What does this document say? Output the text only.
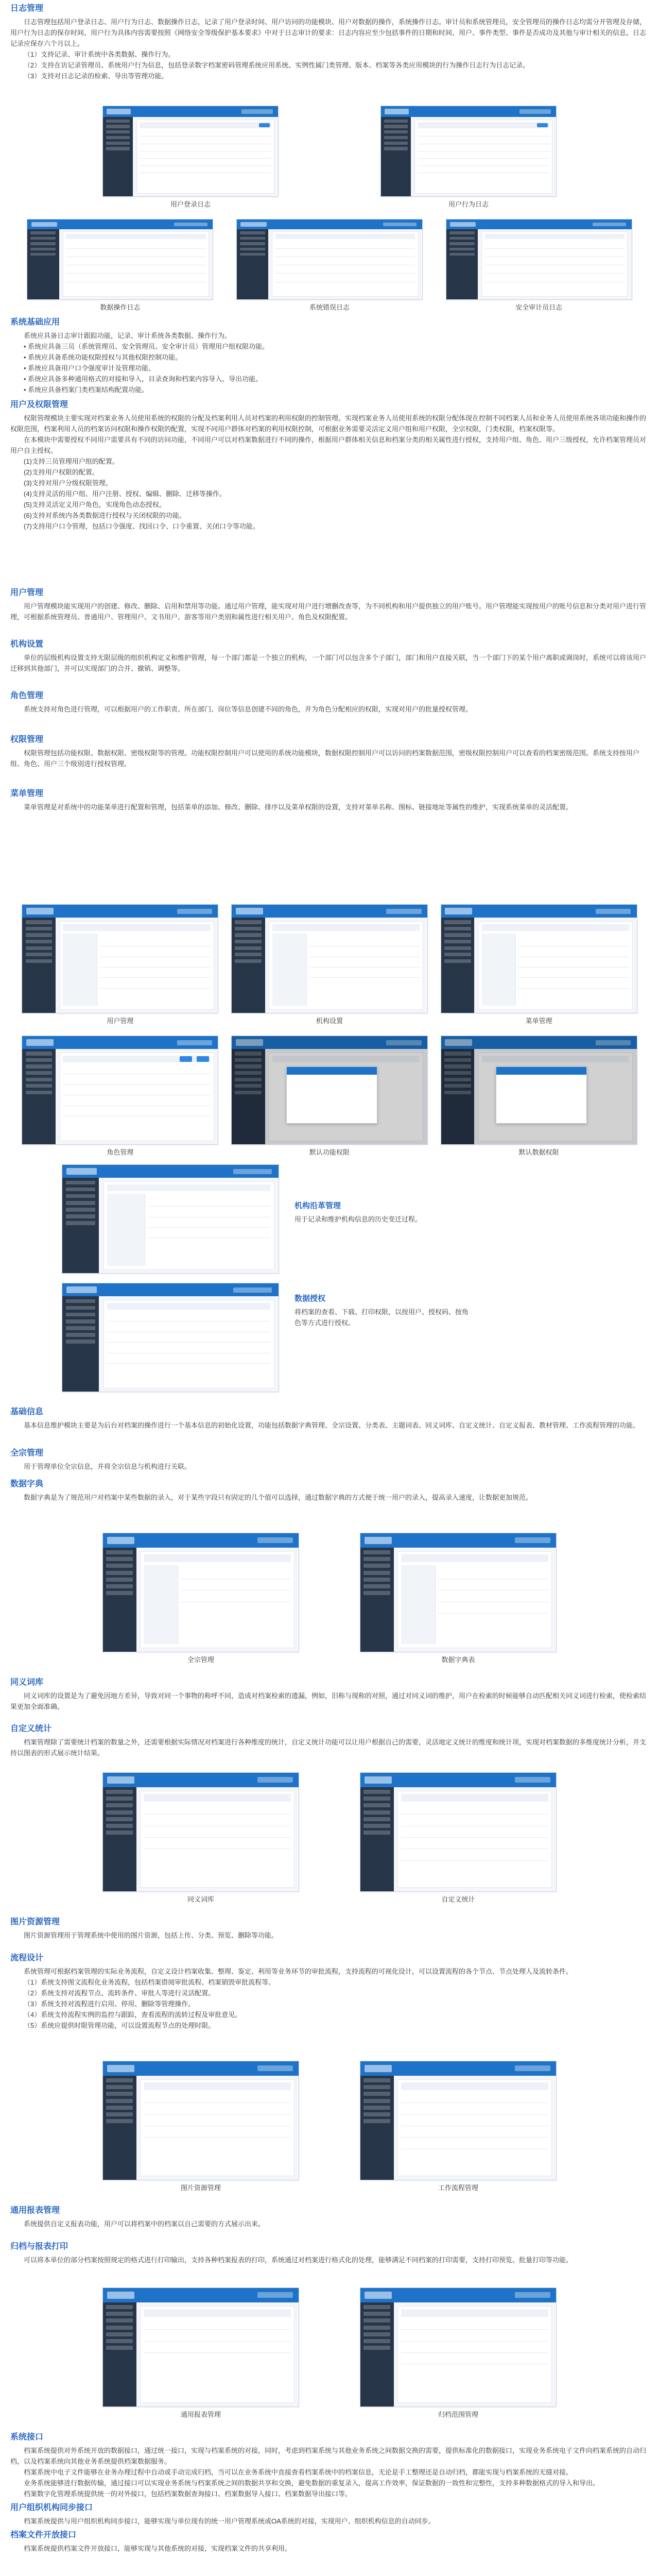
日志管理

日志管理包括用户登录日志、用户行为日志、数据操作日志，记录了用户登录时间、用户访问的功能模块、用户对数据的操作，系统操作日志。审计员和系统管理员，安全管理员的操作日志均需分开管理及存储，用户行为日志的保存时间、用户行为具体内容需要按照《网络安全等级保护基本要求》中对于日志审计的要求：日志内容应至少包括事件的日期和时间、用户、事件类型、事件是否成功及其他与审计相关的信息。日志记录应保存六个月以上。

（1）支持记录、审计系统中各类数据、操作行为。

（2）支持在访记录管理员、系统用户行为信息，包括登录数字档案密码管理系统应用系统、实例性属门类管理、版本、档案等各类应用模块的行为操作日志行为日志记录。

（3）支持对日志记录的检索、导出等管理功能。

用户登录日志	用户行为日志
数据操作日志	系统错误日志	安全审计员日志
系统基础应用

系统应具备日志审计跟踪功能，记录、审计系统各类数据、操作行为。

• 系统应具备三员（系统管理员、安全管理员、安全审计员）管理用户组权限功能。

• 系统应具备系统功能权限授权与其他权限控制功能。

• 系统应具备用户口令强度审计及管理功能。

• 系统应具备多种通用格式的对接和导入，目录查询和档案内容导入、导出功能。

• 系统应具备档案门类档案结构配置功能。

用户及权限管理

权限管理模块主要实现对档案业务人员使用系统的权限的分配及档案利用人员对档案的利用权限的控制管理。实现档案业务人员使用系统的权限分配体现在控制不同档案人员和业务人员使用系统各项功能和操作的权限范围，档案利用人员的档案访问权限和操作权限的配置，实现不同用户群体对档案的利用权限控制，可根据业务需要灵活定义用户组和用户权限，全宗权限，门类权限，档案权限等。

在本模块中需要授权不同用户需要具有不同的访问功能，不同用户可以对档案数据进行不同的操作，根据用户群体相关信息和档案分类的相关属性进行授权，支持用户组、角色、用户三级授权，允许档案管理员对用户自主授权。

(1)支持三员管理用户组的配置。

(2)支持用户权限的配置。

(3)支持对用户分级权限管理。

(4)支持灵活的用户组、用户注册、授权、编辑、删除、迁移等操作。

(5)支持灵活定义用户角色，实现角色动态授权。

(6)支持对系统内各类数据进行授权与关闭权限的功能。

(7)支持用户口令管理，包括口令强度、找回口令、口令重置、关闭口令等功能。

用户管理

用户管理模块能实现用户的创建、修改、删除、启用和禁用等功能。通过用户管理，能实现对用户进行增删改查等，为不同机构和用户提供独立的用户账号。用户管理能实现按用户的账号信息和分类对用户进行管理，可根据系统管理员、普通用户、管理用户、文书用户、游客等用户类别和属性进行相关用户、角色及权限配置。

机构设置

单位的层级机构设置支持无限层级的组织机构定义和维护管理，每一个部门都是一个独立的机构，一个部门可以包含多个子部门，部门和用户直接关联，当一个部门下的某个用户离职或调岗时，系统可以将该用户迁移到其他部门，并可以实现部门的合并、撤销、调整等。

角色管理

系统支持对角色进行管理，可以根据用户的工作职责、所在部门、岗位等信息创建不同的角色，并为角色分配相应的权限，实现对用户的批量授权管理。

权限管理

权限管理包括功能权限、数据权限、密级权限等的管理。功能权限控制用户可以使用的系统功能模块，数据权限控制用户可以访问的档案数据范围，密级权限控制用户可以查看的档案密级范围。系统支持按用户组、角色、用户三个级别进行授权管理。

菜单管理

菜单管理是对系统中的功能菜单进行配置和管理，包括菜单的添加、修改、删除、排序以及菜单权限的设置，支持对菜单名称、图标、链接地址等属性的维护，实现系统菜单的灵活配置。

用户管理	机构设置	菜单管理
角色管理	默认功能权限	默认数据权限
机构沿革管理

用于记录和维护机构信息的历史变迁过程。

数据授权

将档案的查看、下载、打印权限，以按用户、授权码、按角色等方式进行授权。

基础信息

基本信息维护模块主要是为后台对档案的操作进行一个基本信息的初始化设置，功能包括数据字典管理、全宗设置、分类表、主题词表、同义词库、自定义统计、自定义报表、教材管理、工作流程管理的功能。

全宗管理

用于管理单位全宗信息，并将全宗信息与机构进行关联。

数据字典

数据字典是为了规范用户对档案中某些数据的录入，对于某些字段只有固定的几个值可以选择，通过数据字典的方式便于统一用户的录入，提高录入速度，让数据更加规范。

全宗管理	数据字典表
同义词库

同义词库的设置是为了避免因地方差异，导致对同一个事物的称呼不同，造成对档案检索的遗漏，例如，旧称与现称的对照，通过对同义词的维护，用户在检索的时候能够自动匹配相关同义词进行检索，使检索结果更加全面准确。

自定义统计

档案管理除了需要统计档案的数量之外，还需要根据实际情况对档案进行各种维度的统计，自定义统计功能可以让用户根据自己的需要，灵活地定义统计的维度和统计项，实现对档案数据的多维度统计分析，并支持以图表的形式展示统计结果。

同义词库	自定义统计
图片资源管理

图片资源管理用于管理系统中使用的图片资源，包括上传、分类、预览、删除等功能。

流程设计

系统管理可根据档案管理的实际业务流程，自定义设计档案收集、整理、鉴定、利用等业务环节的审批流程，支持流程的可视化设计，可以设置流程的各个节点、节点处理人及流转条件。

（1）系统支持图文流程化业务流程，包括档案借阅审批流程、档案销毁审批流程等。

（2）系统支持对流程节点、流转条件、审批人等进行灵活配置。

（3）系统支持对流程进行启用、停用、删除等管理操作。

（4）系统支持流程实例的监控与跟踪，查看流程的流转过程及审批意见。

（5）系统应提供时限管理功能，可以设置流程节点的处理时限。

图片资源管理	工作流程管理
通用报表管理

系统提供自定义报表功能，用户可以将档案中的档案以自己需要的方式展示出来。

归档与报表打印

可以将本单位的部分档案按照规定的格式进行打印输出，支持各种档案报表的打印，系统通过对档案进行格式化的处理，能够满足不同档案的打印需要，支持打印预览、批量打印等功能。

通用报表管理	归档范围管理
系统接口

档案系统提供对外系统开放的数据接口，通过统一接口，实现与档案系统的对接，同时，考虑到档案系统与其他业务系统之间数据交换的需要，提供标准化的数据接口，实现业务系统电子文件向档案系统的自动归档，以及档案系统向其他业务系统提供档案数据服务。

档案系统中电子文件能够在业务办理过程中自动或手动完成归档，当可以在业务系统中直接查看档案系统中的档案信息，无论是手工整理还是自动归档，都能实现与档案系统的无缝对接。

业务系统能够进行数据传输，通过接口可以实现业务系统与档案系统之间的数据共享和交换，避免数据的重复录入，提高工作效率，保证数据的一致性和完整性，支持多种数据格式的导入和导出。

档案数字化管理系统提供统一的对外接口，包括档案数据查询接口、档案数据导入接口、档案数据导出接口等。

用户组织机构同步接口

档案系统提供与用户组织机构同步接口，能够实现与单位现有的统一用户管理系统或OA系统的对接，实现用户、组织机构信息的自动同步。

档案文件开放接口

档案系统提供档案文件开放接口，能够实现与其他系统的对接，实现档案文件的共享利用。
